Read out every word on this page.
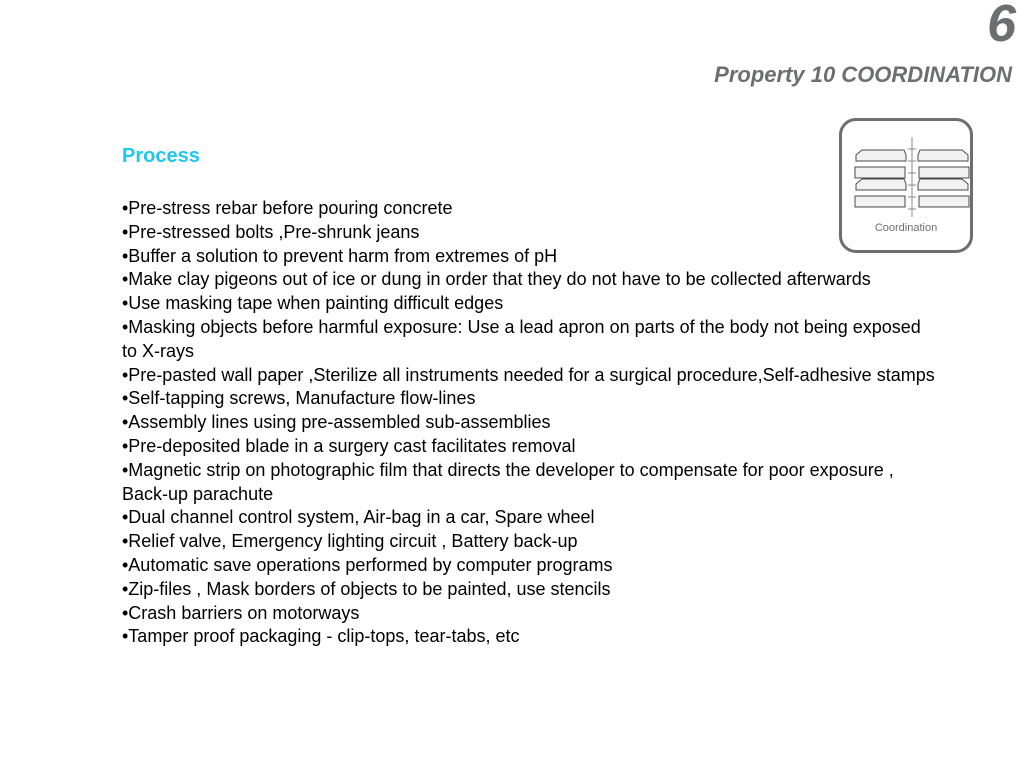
6
Property 10 COORDINATION
Coordination
Process
•Pre-stress rebar before pouring concrete
•Pre-stressed bolts ,Pre-shrunk jeans
•Buffer a solution to prevent harm from extremes of pH
•Make clay pigeons out of ice or dung in order that they do not have to be collected afterwards
•Use masking tape when painting difficult edges
•Masking objects before harmful exposure: Use a lead apron on parts of the body not being exposed to X-rays
•Pre-pasted wall paper ,Sterilize all instruments needed for a surgical procedure,Self-adhesive stamps
•Self-tapping screws, Manufacture flow-lines
•Assembly lines using pre-assembled sub-assemblies
•Pre-deposited blade in a surgery cast facilitates removal
•Magnetic strip on photographic film that directs the developer to compensate for poor exposure , Back-up parachute
•Dual channel control system, Air-bag in a car, Spare wheel
•Relief valve, Emergency lighting circuit , Battery back-up
•Automatic save operations performed by computer programs
•Zip-files , Mask borders of objects to be painted, use stencils
•Crash barriers on motorways
•Tamper proof packaging - clip-tops, tear-tabs, etc
